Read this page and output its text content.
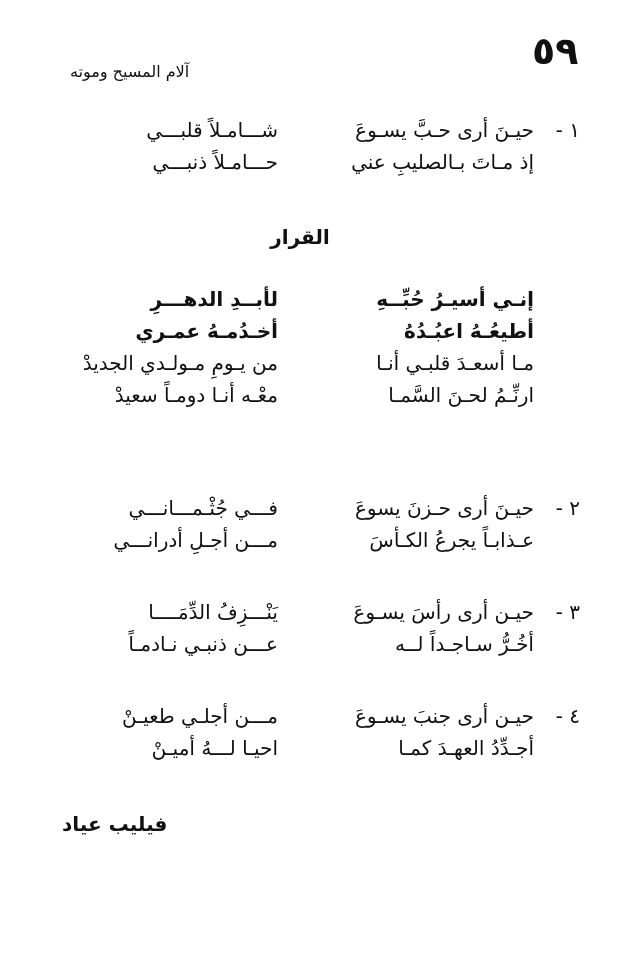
٥٩
آلام المسيح وموته
١ -
حيـنَ أرى حـبَّ يسـوعَ
شـــامـلاً قلبـــي
إذ مـاتَ بـالصليبِ عني
حـــامـلاً ذنبـــي
القرار
إنـي أسيـرُ حُبِّــهِ
لأبــدِ الدهـــرِ
أطيعُـهُ اعبُـدُهُ
أخـدُمـهُ عمـري
مـا أسعـدَ قلبـي أنـا
من يـومِ مـولـدي الجديدْ
ارنِّـمُ لحـنَ السَّمـا
معْـه أنـا دومـاً سعيدْ
٢ -
حيـنَ أرى حـزنَ يسوعَ
فـــي جُثْـمـــانـــي
عـذابـاً يجرعُ الكـأسَ
مـــن أجـلِ أدرانـــي
٣ -
حيـن أرى رأسَ يسـوعَ
يَنْـــزِفُ الدِّمَــــا
أخُـرُّ سـاجـداً لــه
عـــن ذنبـي نـادمـاً
٤ -
حيـن أرى جنبَ يسـوعَ
مـــن أجلـي طعيـنْ
أجـدِّدُ العهـدَ كمـا
احيـا لـــهُ أميـنْ
فيليب عياد
